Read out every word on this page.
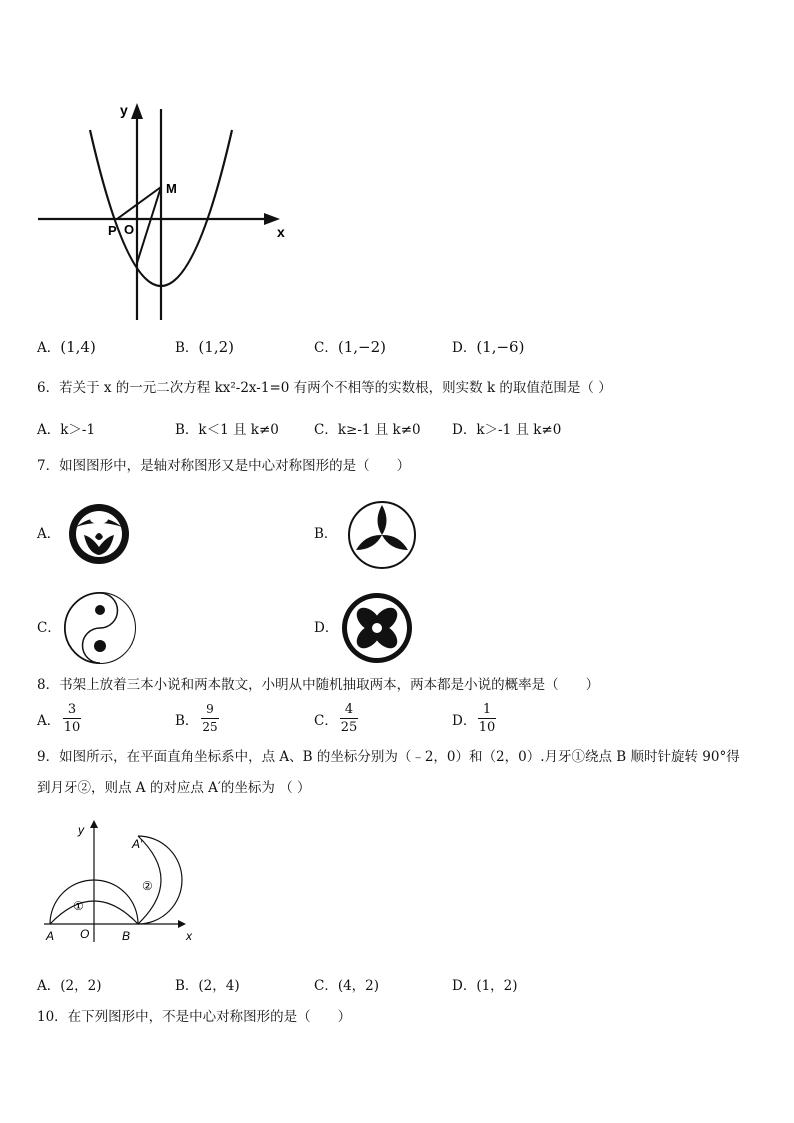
y
x
M
P O
A．(1,4)	B．(1,2)	C．(1,−2)	D．(1,−6)
6．若关于 x 的一元二次方程 kx²-2x-1=0 有两个不相等的实数根，则实数 k 的取值范围是（ ）
A．k＞-1	B．k＜1 且 k≠0	C．k≥-1 且 k≠0 D．k＞-1 且 k≠0
7．如图图形中，是轴对称图形又是中心对称图形的是（　　）
A．	B．
C．	D．
8．书架上放着三本小说和两本散文，小明从中随机抽取两本，两本都是小说的概率是（　　）
A．
3
10	B．
9
25	C．
4
25	D．
1
10
9．如图所示，在平面直角坐标系中，点 A、B 的坐标分别为（﹣2，0）和（2，0）.月牙①绕点 B 顺时针旋转 90°得
到月牙②，则点 A 的对应点 A′的坐标为 （ ）
y
x
A O	B
A′
①
②
A．(2，2)	B．(2，4)	C．(4，2)	D．(1，2)
10．在下列图形中，不是中心对称图形的是（　　）
